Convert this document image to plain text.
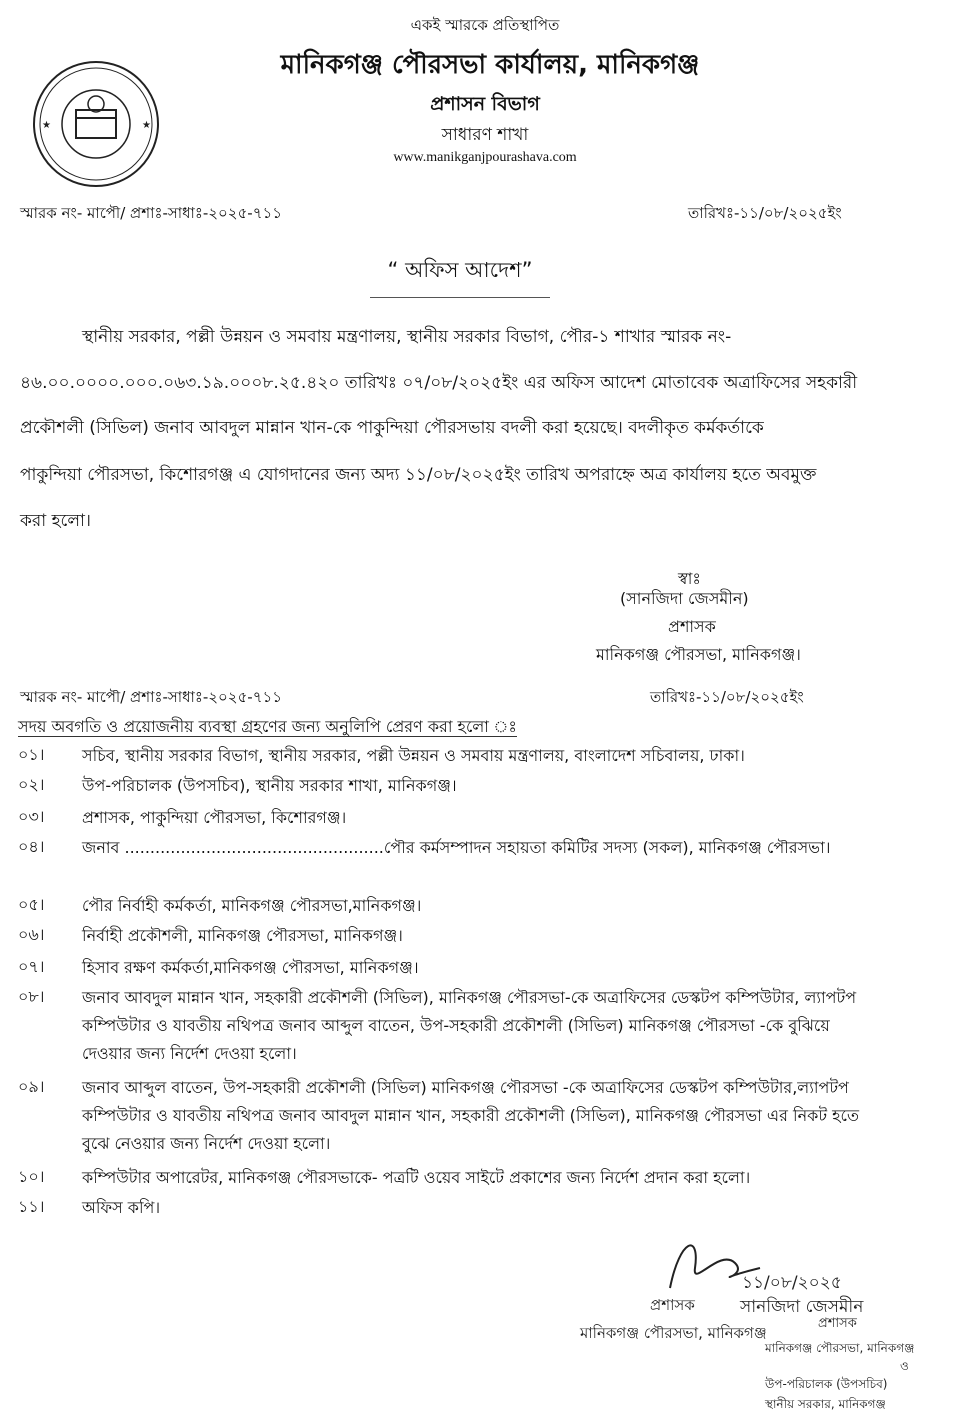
★	★
একই স্মারকে প্রতিস্থাপিত
মানিকগঞ্জ পৌরসভা কার্যালয়, মানিকগঞ্জ
প্রশাসন বিভাগ
সাধারণ শাখা
www.manikganjpourashava.com
স্মারক নং- মাপৌ/ প্রশাঃ-সাধাঃ-২০২৫-৭১১	তারিখঃ-১১/০৮/২০২৫ইং
“ অফিস আদেশ”
স্থানীয় সরকার, পল্লী উন্নয়ন ও সমবায় মন্ত্রণালয়, স্থানীয় সরকার বিভাগ, পৌর-১ শাখার স্মারক নং-
৪৬.০০.০০০০.০০০.০৬৩.১৯.০০০৮.২৫.৪২০ তারিখঃ ০৭/০৮/২০২৫ইং এর অফিস আদেশ মোতাবেক অত্রাফিসের সহকারী
প্রকৌশলী (সিভিল) জনাব আবদুল মান্নান খান-কে পাকুন্দিয়া পৌরসভায় বদলী করা হয়েছে। বদলীকৃত কর্মকর্তাকে
পাকুন্দিয়া পৌরসভা, কিশোরগঞ্জ এ যোগদানের জন্য অদ্য ১১/০৮/২০২৫ইং তারিখ অপরাহ্নে অত্র কার্যালয় হতে অবমুক্ত
করা হলো।
স্বাঃ
(সানজিদা জেসমীন)
প্রশাসক
মানিকগঞ্জ পৌরসভা, মানিকগঞ্জ।
স্মারক নং- মাপৌ/ প্রশাঃ-সাধাঃ-২০২৫-৭১১	তারিখঃ-১১/০৮/২০২৫ইং
সদয় অবগতি ও প্রয়োজনীয় ব্যবস্থা গ্রহণের জন্য অনুলিপি প্রেরণ করা হলো ঃ
০১।	সচিব, স্থানীয় সরকার বিভাগ, স্থানীয় সরকার, পল্লী উন্নয়ন ও সমবায় মন্ত্রণালয়, বাংলাদেশ সচিবালয়, ঢাকা।
০২।	উপ-পরিচালক (উপসচিব), স্থানীয় সরকার শাখা, মানিকগঞ্জ।
০৩।	প্রশাসক, পাকুন্দিয়া পৌরসভা, কিশোরগঞ্জ।
০৪।	জনাব ...................................................পৌর কর্মসম্পাদন সহায়তা কমিটির সদস্য (সকল), মানিকগঞ্জ পৌরসভা।
০৫।	পৌর নির্বাহী কর্মকর্তা, মানিকগঞ্জ পৌরসভা,মানিকগঞ্জ।
০৬।	নির্বাহী প্রকৌশলী, মানিকগঞ্জ পৌরসভা, মানিকগঞ্জ।
০৭।	হিসাব রক্ষণ কর্মকর্তা,মানিকগঞ্জ পৌরসভা, মানিকগঞ্জ।
০৮।	জনাব আবদুল মান্নান খান, সহকারী প্রকৌশলী (সিভিল), মানিকগঞ্জ পৌরসভা-কে অত্রাফিসের ডেস্কটপ কম্পিউটার, ল্যাপটপ কম্পিউটার ও যাবতীয় নথিপত্র জনাব আব্দুল বাতেন, উপ-সহকারী প্রকৌশলী (সিভিল) মানিকগঞ্জ পৌরসভা -কে বুঝিয়ে দেওয়ার জন্য নির্দেশ দেওয়া হলো।
০৯।	জনাব আব্দুল বাতেন, উপ-সহকারী প্রকৌশলী (সিভিল) মানিকগঞ্জ পৌরসভা -কে অত্রাফিসের ডেস্কটপ কম্পিউটার,ল্যাপটপ কম্পিউটার ও যাবতীয় নথিপত্র জনাব আবদুল মান্নান খান, সহকারী প্রকৌশলী (সিভিল), মানিকগঞ্জ পৌরসভা এর নিকট হতে বুঝে নেওয়ার জন্য নির্দেশ দেওয়া হলো।
১০।	কম্পিউটার অপারেটর, মানিকগঞ্জ পৌরসভাকে- পত্রটি ওয়েব সাইটে প্রকাশের জন্য নির্দেশ প্রদান করা হলো।
১১।	অফিস কপি।
১১/০৮/২০২৫
প্রশাসক	সানজিদা জেসমীন
প্রশাসক
মানিকগঞ্জ পৌরসভা, মানিকগঞ্জ
মানিকগঞ্জ পৌরসভা, মানিকগঞ্জ
ও
উপ-পরিচালক (উপসচিব)
স্থানীয় সরকার, মানিকগঞ্জ
